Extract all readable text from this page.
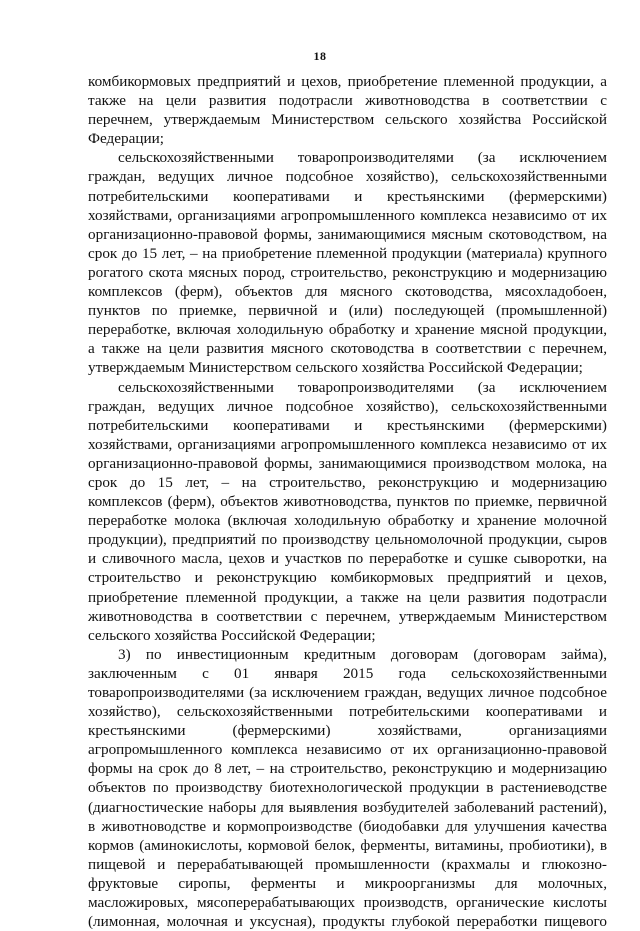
18
комбикормовых предприятий и цехов, приобретение племенной продукции, а
также на цели развития подотрасли животноводства в соответствии с
перечнем, утверждаемым Министерством сельского хозяйства Российской
Федерации;
сельскохозяйственными товаропроизводителями (за исключением
граждан, ведущих личное подсобное хозяйство), сельскохозяйственными
потребительскими кооперативами и крестьянскими (фермерскими)
хозяйствами, организациями агропромышленного комплекса независимо от их
организационно-правовой формы, занимающимися мясным скотоводством, на
срок до 15 лет, – на приобретение племенной продукции (материала) крупного
рогатого скота мясных пород, строительство, реконструкцию и модернизацию
комплексов (ферм), объектов для мясного скотоводства, мясохладобоен,
пунктов по приемке, первичной и (или) последующей (промышленной)
переработке, включая холодильную обработку и хранение мясной продукции,
а также на цели развития мясного скотоводства в соответствии с перечнем,
утверждаемым Министерством сельского хозяйства Российской Федерации;
сельскохозяйственными товаропроизводителями (за исключением
граждан, ведущих личное подсобное хозяйство), сельскохозяйственными
потребительскими кооперативами и крестьянскими (фермерскими)
хозяйствами, организациями агропромышленного комплекса независимо от их
организационно-правовой формы, занимающимися производством молока, на
срок до 15 лет, – на строительство, реконструкцию и модернизацию
комплексов (ферм), объектов животноводства, пунктов по приемке, первичной
переработке молока (включая холодильную обработку и хранение молочной
продукции), предприятий по производству цельномолочной продукции, сыров
и сливочного масла, цехов и участков по переработке и сушке сыворотки, на
строительство и реконструкцию комбикормовых предприятий и цехов,
приобретение племенной продукции, а также на цели развития подотрасли
животноводства в соответствии с перечнем, утверждаемым Министерством
сельского хозяйства Российской Федерации;
3) по инвестиционным кредитным договорам (договорам займа),
заключенным с 01 января 2015 года сельскохозяйственными
товаропроизводителями (за исключением граждан, ведущих личное подсобное
хозяйство), сельскохозяйственными потребительскими кооперативами и
крестьянскими (фермерскими) хозяйствами, организациями
агропромышленного комплекса независимо от их организационно-правовой
формы на срок до 8 лет, – на строительство, реконструкцию и модернизацию
объектов по производству биотехнологической продукции в растениеводстве
(диагностические наборы для выявления возбудителей заболеваний растений),
в животноводстве и кормопроизводстве (биодобавки для улучшения качества
кормов (аминокислоты, кормовой белок, ферменты, витамины, пробиотики), в
пищевой и перерабатывающей промышленности (крахмалы и глюкозно-
фруктовые сиропы, ферменты и микроорганизмы для молочных,
масложировых, мясоперерабатывающих производств, органические кислоты
(лимонная, молочная и уксусная), продукты глубокой переработки пищевого
